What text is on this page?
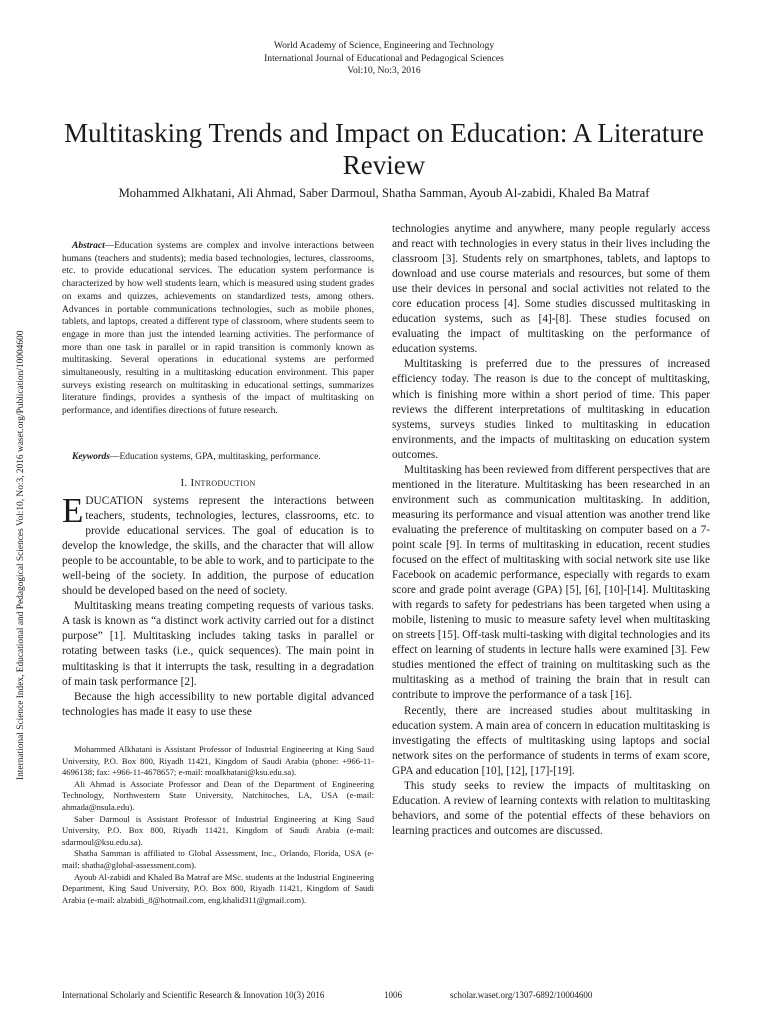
World Academy of Science, Engineering and Technology
International Journal of Educational and Pedagogical Sciences
Vol:10, No:3, 2016
International Science Index, Educational and Pedagogical Sciences Vol:10, No:3, 2016 waset.org/Publication/10004600
Multitasking Trends and Impact on Education: A Literature Review
Mohammed Alkhatani, Ali Ahmad, Saber Darmoul, Shatha Samman, Ayoub Al-zabidi, Khaled Ba Matraf

Abstract—Education systems are complex and involve interactions between humans (teachers and students); media based technologies, lectures, classrooms, etc. to provide educational services. The education system performance is characterized by how well students learn, which is measured using student grades on exams and quizzes, achievements on standardized tests, among others. Advances in portable communications technologies, such as mobile phones, tablets, and laptops, created a different type of classroom, where students seem to engage in more than just the intended learning activities. The performance of more than one task in parallel or in rapid transition is commonly known as multitasking. Several operations in educational systems are performed simultaneously, resulting in a multitasking education environment. This paper surveys existing research on multitasking in educational settings, summarizes literature findings, provides a synthesis of the impact of multitasking on performance, and identifies directions of future research.

Keywords—Education systems, GPA, multitasking, performance.

I. Introduction

EDUCATION systems represent the interactions between teachers, students, technologies, lectures, classrooms, etc. to provide educational services. The goal of education is to develop the knowledge, the skills, and the character that will allow people to be accountable, to be able to work, and to participate to the well-being of the society. In addition, the purpose of education should be developed based on the need of society.

Multitasking means treating competing requests of various tasks. A task is known as “a distinct work activity carried out for a distinct purpose” [1]. Multitasking includes taking tasks in parallel or rotating between tasks (i.e., quick sequences). The main point in multitasking is that it interrupts the task, resulting in a degradation of main task performance [2].

Because the high accessibility to new portable digital advanced technologies has made it easy to use these

Mohammed Alkhatani is Assistant Professor of Industrial Engineering at King Saud University, P.O. Box 800, Riyadh 11421, Kingdom of Saudi Arabia (phone: +966-11-4696138; fax: +966-11-4678657; e-mail: moalkhatani@ksu.edu.sa).

Ali Ahmad is Associate Professor and Dean of the Department of Engineering Technology, Northwestern State University, Natchitoches, LA, USA (e-mail: ahmada@nsula.edu).

Saber Darmoul is Assistant Professor of Industrial Engineering at King Saud University, P.O. Box 800, Riyadh 11421, Kingdom of Saudi Arabia (e-mail: sdarmoul@ksu.edu.sa).

Shatha Samman is affiliated to Global Assessment, Inc., Orlando, Florida, USA (e-mail: shatha@global-assessment.com).

Ayoub Al-zabidi and Khaled Ba Matraf are MSc. students at the Industrial Engineering Department, King Saud University, P.O. Box 800, Riyadh 11421, Kingdom of Saudi Arabia (e-mail: alzabidi_8@hotmail.com, eng.khalid311@gmail.com).

technologies anytime and anywhere, many people regularly access and react with technologies in every status in their lives including the classroom [3]. Students rely on smartphones, tablets, and laptops to download and use course materials and resources, but some of them use their devices in personal and social activities not related to the core education process [4]. Some studies discussed multitasking in education systems, such as [4]-[8]. These studies focused on evaluating the impact of multitasking on the performance of education systems.

Multitasking is preferred due to the pressures of increased efficiency today. The reason is due to the concept of multitasking, which is finishing more within a short period of time. This paper reviews the different interpretations of multitasking in education systems, surveys studies linked to multitasking in education environments, and the impacts of multitasking on education system outcomes.

Multitasking has been reviewed from different perspectives that are mentioned in the literature. Multitasking has been researched in an environment such as communication multitasking. In addition, measuring its performance and visual attention was another trend like evaluating the preference of multitasking on computer based on a 7-point scale [9]. In terms of multitasking in education, recent studies focused on the effect of multitasking with social network site use like Facebook on academic performance, especially with regards to exam score and grade point average (GPA) [5], [6], [10]-[14]. Multitasking with regards to safety for pedestrians has been targeted when using a mobile, listening to music to measure safety level when multitasking on streets [15]. Off-task multi-tasking with digital technologies and its effect on learning of students in lecture halls were examined [3]. Few studies mentioned the effect of training on multitasking such as the multitasking as a method of training the brain that in result can contribute to improve the performance of a task [16].

Recently, there are increased studies about multitasking in education system. A main area of concern in education multitasking is investigating the effects of multitasking using laptops and social network sites on the performance of students in terms of exam score, GPA and education [10], [12], [17]-[19].

This study seeks to review the impacts of multitasking on Education. A review of learning contexts with relation to multitasking behaviors, and some of the potential effects of these behaviors on learning practices and outcomes are discussed.

International Scholarly and Scientific Research & Innovation 10(3) 2016	1006	scholar.waset.org/1307-6892/10004600
